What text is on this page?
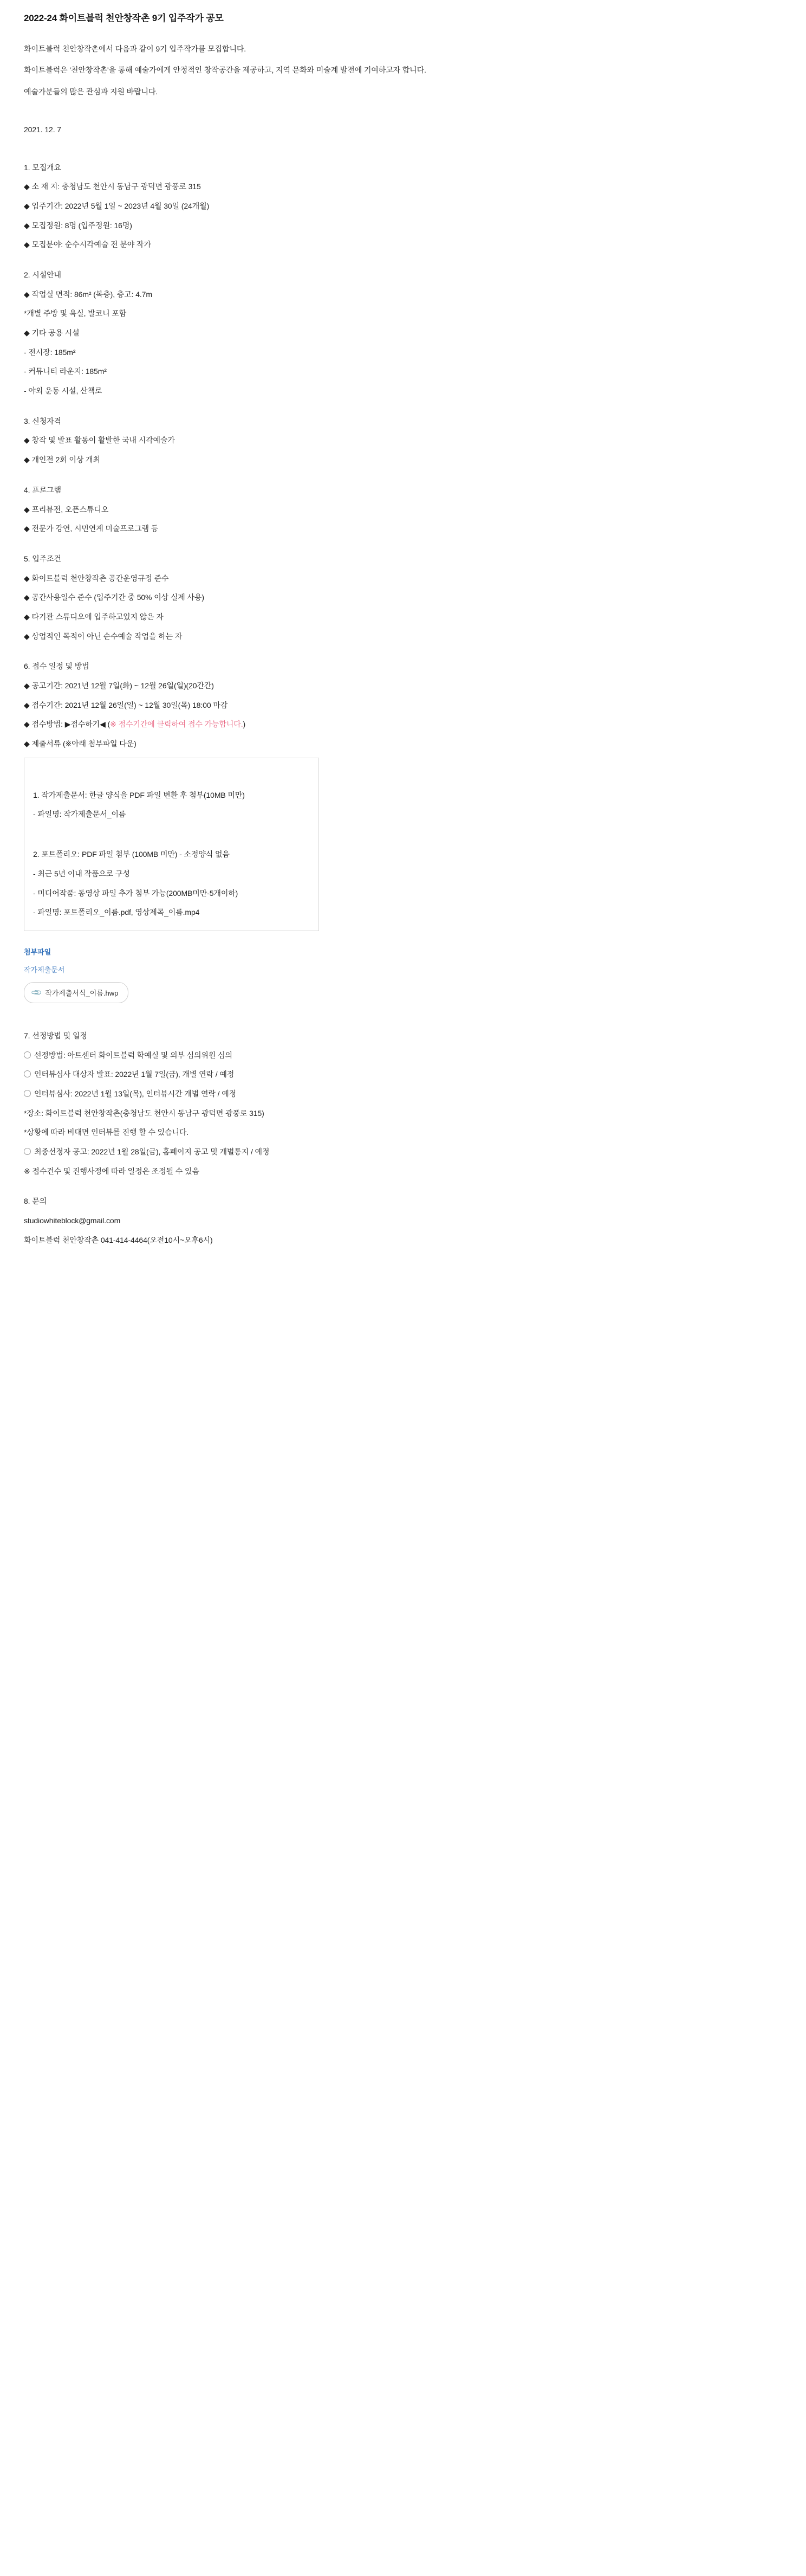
2022-24 화이트블럭 천안창작촌 9기 입주작가 공모

화이트블럭 천안창작촌에서 다음과 같이 9기 입주작가를 모집합니다.

화이트블럭은 '천안창작촌'을 통해 예술가에게 안정적인 창작공간을 제공하고, 지역 문화와 미술계 발전에 기여하고자 합니다.

예술가분들의 많은 관심과 지원 바랍니다.

2021. 12. 7

1. 모집개요

◆ 소 재 지: 충청남도 천안시 동남구 광덕면 광풍로 315

◆ 입주기간: 2022년 5월 1일 ~ 2023년 4월 30일 (24개월)

◆ 모집정원: 8명 (입주정원: 16명)

◆ 모집분야: 순수시각예술 전 분야 작가

2. 시설안내

◆ 작업실 면적: 86m² (복층), 층고: 4.7m

*개별 주방 및 욕실, 발코니 포함

◆ 기타 공용 시설

- 전시장: 185m²

- 커뮤니티 라운지: 185m²

- 야외 운동 시설, 산책로

3. 신청자격

◆ 창작 및 발표 활동이 활발한 국내 시각예술가

◆ 개인전 2회 이상 개최

4. 프로그램

◆ 프리뷰전, 오픈스튜디오

◆ 전문가 강연, 시민연계 미술프로그램 등

5. 입주조건

◆ 화이트블럭 천안창작촌 공간운영규정 준수

◆ 공간사용일수 준수 (입주기간 중 50% 이상 실제 사용)

◆ 타기관 스튜디오에 입주하고있지 않은 자

◆ 상업적인 목적이 아닌 순수예술 작업을 하는 자

6. 접수 일정 및 방법

◆ 공고기간: 2021년 12월 7일(화) ~ 12월 26일(일)(20간간)

◆ 접수기간: 2021년 12월 26일(일) ~ 12월 30일(목) 18:00 마감

◆ 접수방법: ▶접수하기◀ (※ 접수기간에 클릭하여 접수 가능합니다.)

◆ 제출서류 (※아래 첨부파일 다운)

1. 작가제출문서: 한글 양식을 PDF 파일 변환 후 첨부(10MB 미만)

- 파일명: 작가제출문서_이름

2. 포트폴리오: PDF 파일 첨부 (100MB 미만) - 소정양식 없음

- 최근 5년 이내 작품으로 구성

- 미디어작품: 동영상 파일 추가 첨부 가능(200MB미만-5개이하)

- 파일명: 포트폴리오_이름.pdf, 영상제목_이름.mp4

첨부파일

작가제출문서

📎 작가제출서식_이름.hwp

7. 선정방법 및 일정

선정방법: 아트센터 화이트블럭 학예실 및 외부 심의위원 심의

인터뷰심사 대상자 발표: 2022년 1월 7일(금), 개별 연락 / 예정

인터뷰심사: 2022년 1월 13일(목), 인터뷰시간 개별 연락 / 예정

*장소: 화이트블럭 천안창작촌(충청남도 천안시 동남구 광덕면 광풍로 315)

*상황에 따라 비대면 인터뷰를 진행 할 수 있습니다.

최종선정자 공고: 2022년 1월 28일(금), 홈페이지 공고 및 개별통지 / 예정

※ 접수건수 및 진행사정에 따라 일정은 조정될 수 있음

8. 문의

studiowhiteblock@gmail.com

화이트블럭 천안창작촌 041-414-4464(오전10시~오후6시)
